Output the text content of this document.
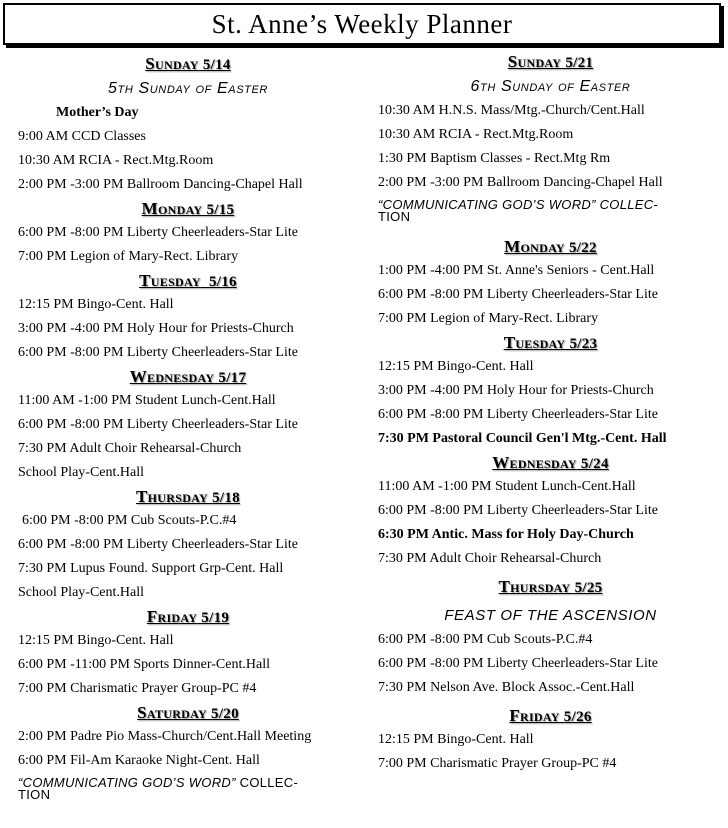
St. Anne’s Weekly Planner
Sunday 5/14
5th Sunday of Easter
Mother’s Day
9:00 AM CCD Classes
10:30 AM RCIA - Rect.Mtg.Room
2:00 PM -3:00 PM Ballroom Dancing-Chapel Hall
Monday 5/15
6:00 PM -8:00 PM Liberty Cheerleaders-Star Lite
7:00 PM Legion of Mary-Rect. Library
Tuesday 5/16
12:15 PM Bingo-Cent. Hall
3:00 PM -4:00 PM Holy Hour for Priests-Church
6:00 PM -8:00 PM Liberty Cheerleaders-Star Lite
Wednesday 5/17
11:00 AM -1:00 PM Student Lunch-Cent.Hall
6:00 PM -8:00 PM Liberty Cheerleaders-Star Lite
7:30 PM Adult Choir Rehearsal-Church
School Play-Cent.Hall
Thursday 5/18
6:00 PM -8:00 PM Cub Scouts-P.C.#4
6:00 PM -8:00 PM Liberty Cheerleaders-Star Lite
7:30 PM Lupus Found. Support Grp-Cent. Hall
School Play-Cent.Hall
Friday 5/19
12:15 PM Bingo-Cent. Hall
6:00 PM -11:00 PM Sports Dinner-Cent.Hall
7:00 PM Charismatic Prayer Group-PC #4
Saturday 5/20
2:00 PM Padre Pio Mass-Church/Cent.Hall Meeting
6:00 PM Fil-Am Karaoke Night-Cent. Hall
“COMMUNICATING GOD’S WORD” COLLEC-
TION
Sunday 5/21
6th Sunday of Easter
10:30 AM H.N.S. Mass/Mtg.-Church/Cent.Hall
10:30 AM RCIA - Rect.Mtg.Room
1:30 PM Baptism Classes - Rect.Mtg Rm
2:00 PM -3:00 PM Ballroom Dancing-Chapel Hall
“COMMUNICATING GOD’S WORD” COLLEC-
TION
Monday 5/22
1:00 PM -4:00 PM St. Anne's Seniors - Cent.Hall
6:00 PM -8:00 PM Liberty Cheerleaders-Star Lite
7:00 PM Legion of Mary-Rect. Library
Tuesday 5/23
12:15 PM Bingo-Cent. Hall
3:00 PM -4:00 PM Holy Hour for Priests-Church
6:00 PM -8:00 PM Liberty Cheerleaders-Star Lite
7:30 PM Pastoral Council Gen'l Mtg.-Cent. Hall
Wednesday 5/24
11:00 AM -1:00 PM Student Lunch-Cent.Hall
6:00 PM -8:00 PM Liberty Cheerleaders-Star Lite
6:30 PM Antic. Mass for Holy Day-Church
7:30 PM Adult Choir Rehearsal-Church
Thursday 5/25
FEAST OF THE ASCENSION
6:00 PM -8:00 PM Cub Scouts-P.C.#4
6:00 PM -8:00 PM Liberty Cheerleaders-Star Lite
7:30 PM Nelson Ave. Block Assoc.-Cent.Hall
Friday 5/26
12:15 PM Bingo-Cent. Hall
7:00 PM Charismatic Prayer Group-PC #4
